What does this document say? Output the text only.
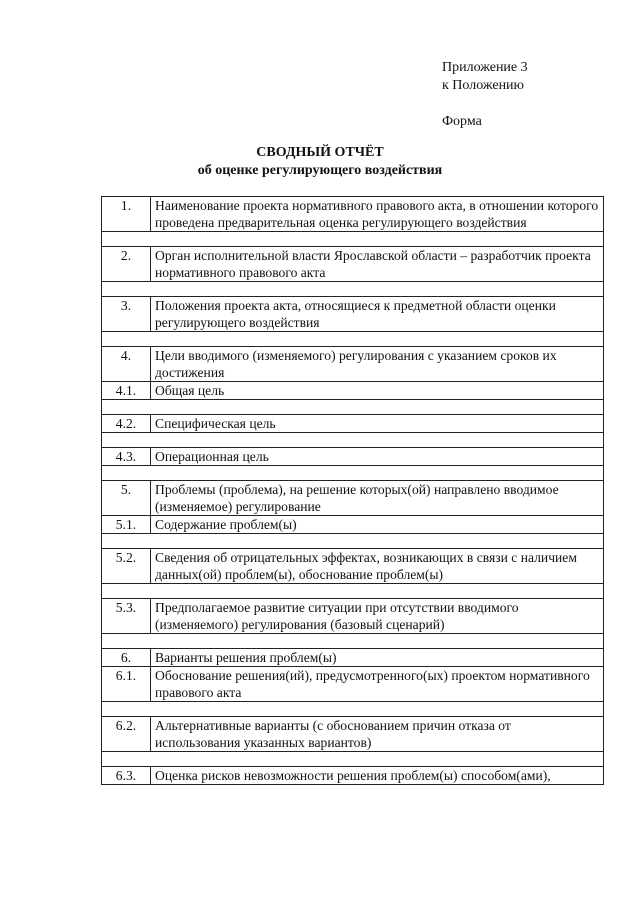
Приложение 3
к Положению
Форма
СВОДНЫЙ ОТЧЁТ
об оценке регулирующего воздействия
1.	Наименование проекта нормативного правового акта, в отношении которого проведена предварительная оценка регулирующего воздействия

2.	Орган исполнительной власти Ярославской области – разработчик проекта нормативного правового акта

3.	Положения проекта акта, относящиеся к предметной области оценки регулирующего воздействия

4.	Цели вводимого (изменяемого) регулирования с указанием сроков их достижения
4.1.	Общая цель

4.2.	Специфическая цель

4.3.	Операционная цель

5.	Проблемы (проблема), на решение которых(ой) направлено вводимое (изменяемое) регулирование
5.1.	Содержание проблем(ы)

5.2.	Сведения об отрицательных эффектах, возникающих в связи с наличием данных(ой) проблем(ы), обоснование проблем(ы)

5.3.	Предполагаемое развитие ситуации при отсутствии вводимого (изменяемого) регулирования (базовый сценарий)

6.	Варианты решения проблем(ы)
6.1.	Обоснование решения(ий), предусмотренного(ых) проектом нормативного правового акта

6.2.	Альтернативные варианты (с обоснованием причин отказа от использования указанных вариантов)

6.3.	Оценка рисков невозможности решения проблем(ы) способом(ами),
